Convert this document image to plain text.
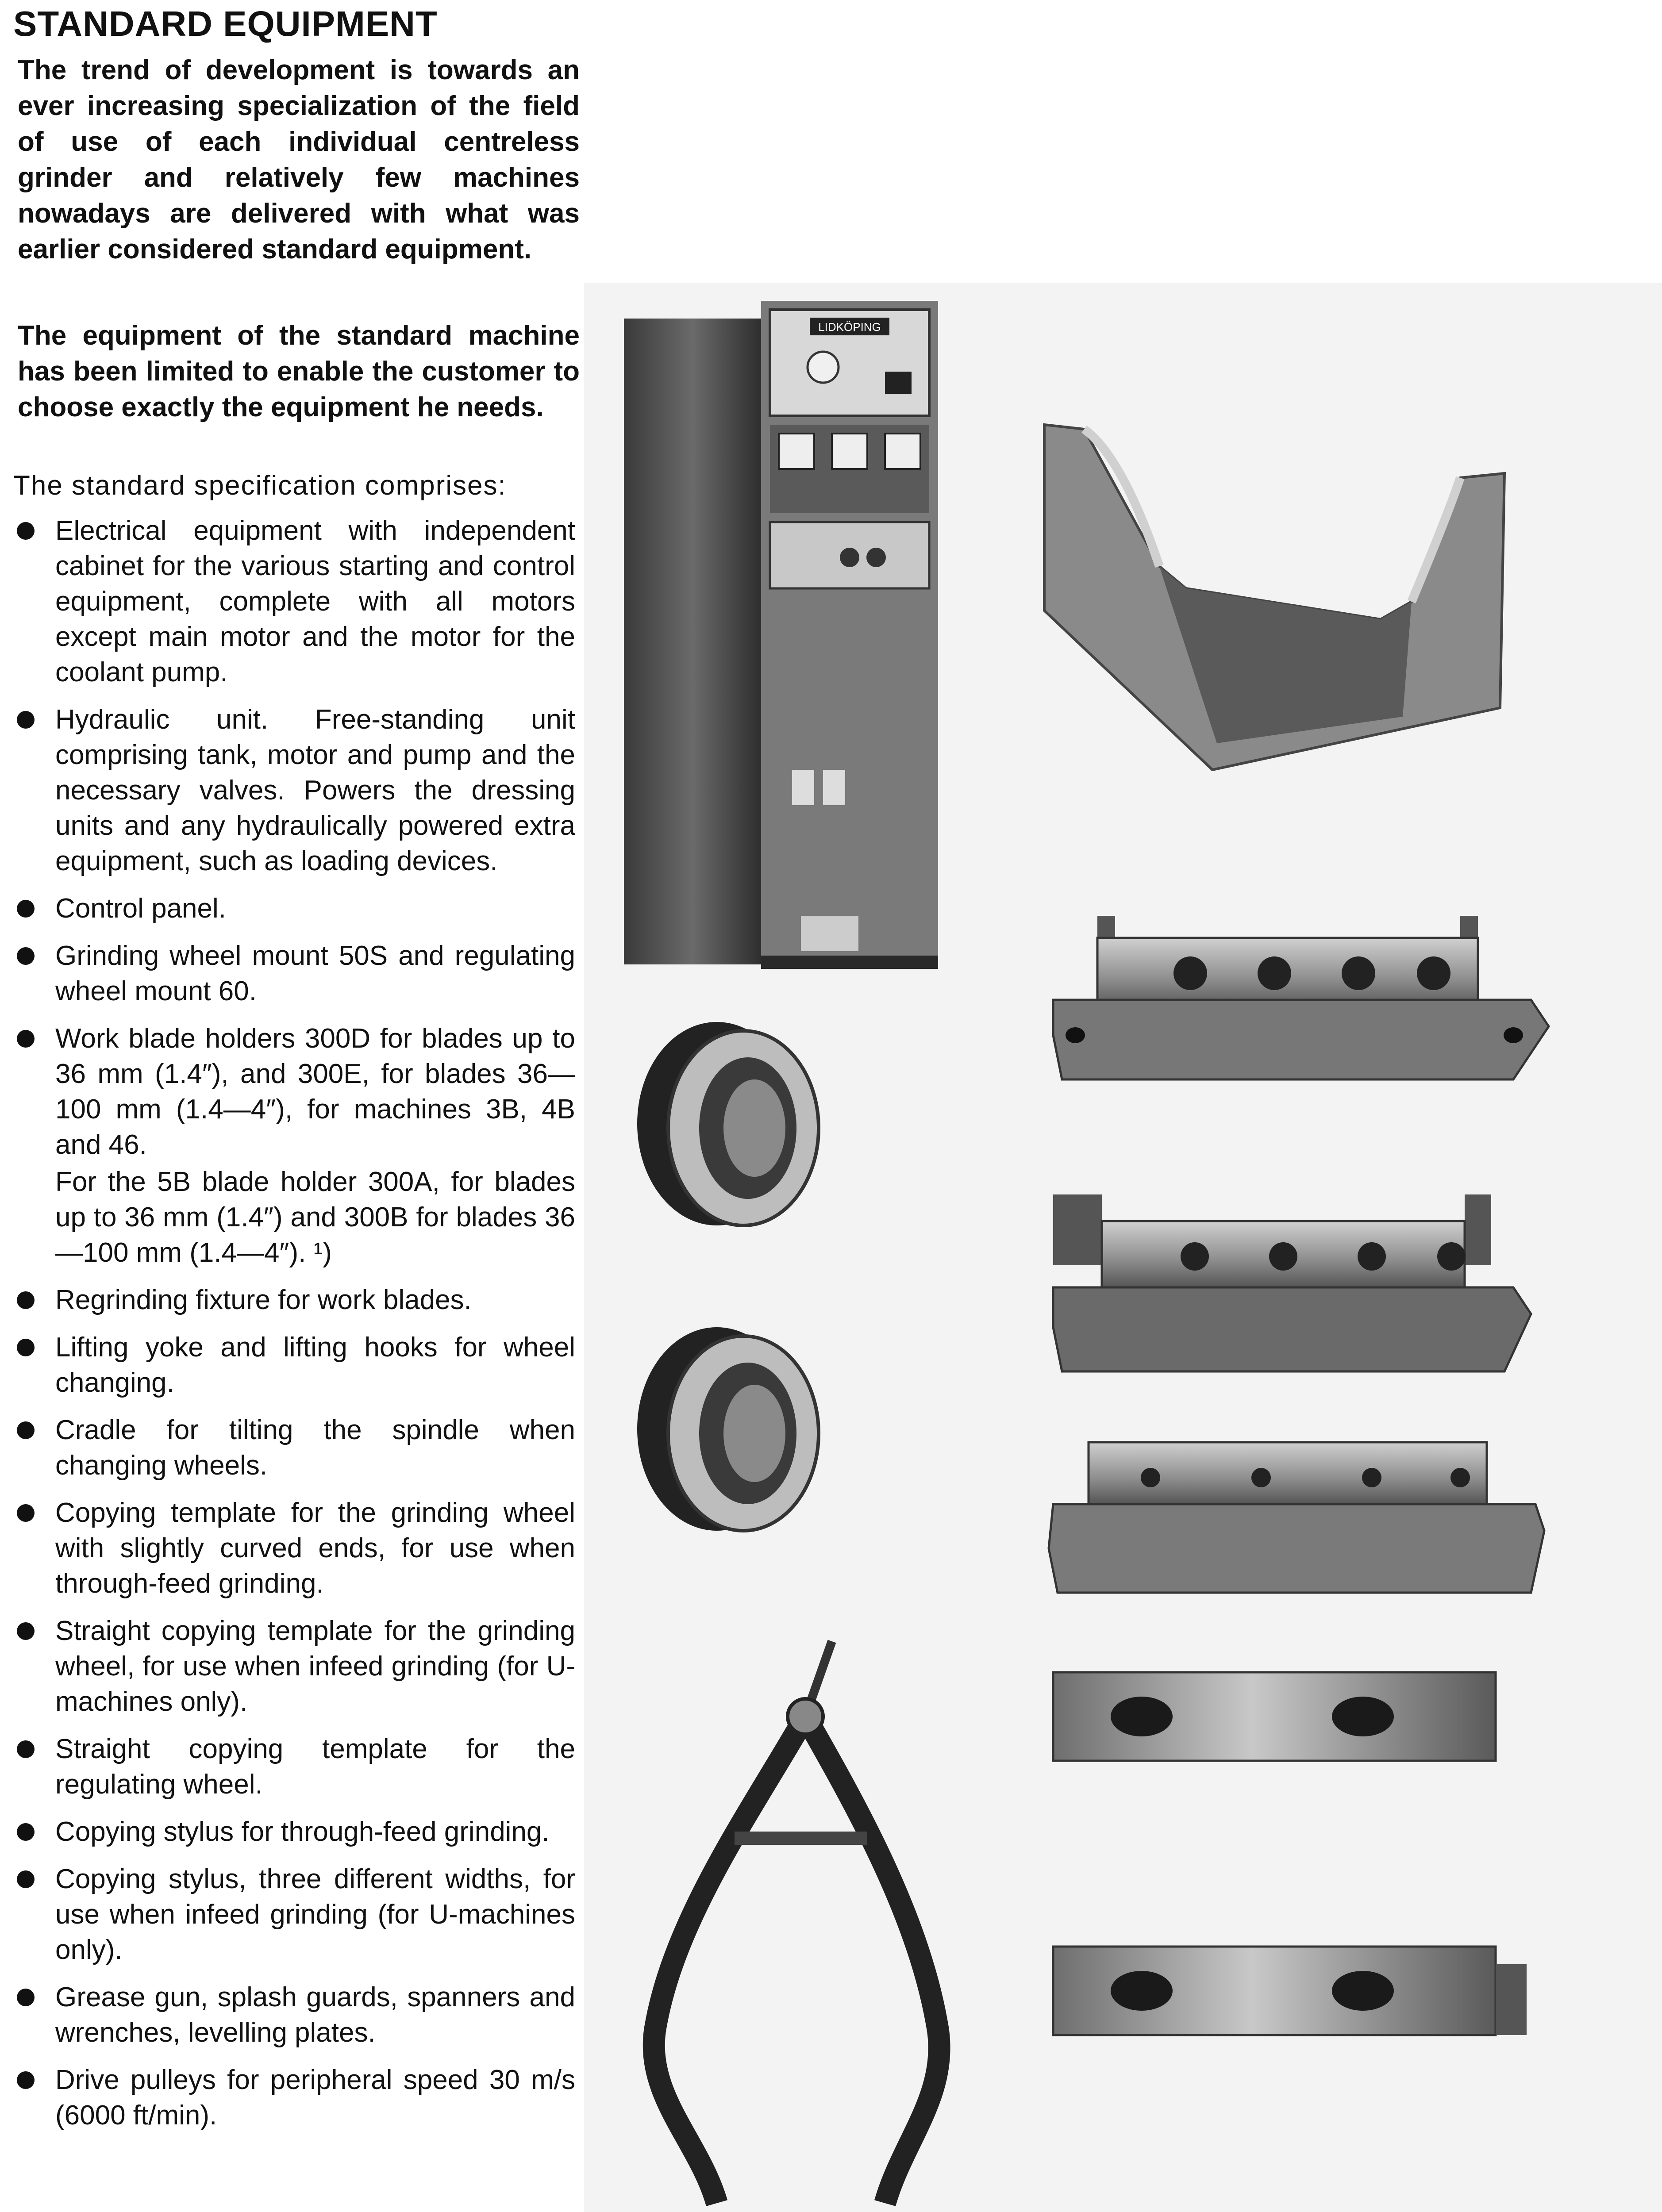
STANDARD EQUIPMENT

The trend of development is towards an ever increasing specialization of the field of use of each individual centreless grinder and relatively few machines nowadays are delivered with what was earlier considered standard equipment.

The equipment of the standard machine has been limited to enable the customer to choose exactly the equipment he needs.

The standard specification comprises:

Electrical equipment with independent cabinet for the various starting and control equipment, complete with all motors except main motor and the motor for the coolant pump.
Hydraulic unit. Free-standing unit comprising tank, motor and pump and the necessary valves. Powers the dressing units and any hydraulically powered extra equipment, such as loading devices.
Control panel.
Grinding wheel mount 50S and regulating wheel mount 60.
Work blade holders 300D for blades up to 36 mm (1.4″), and 300E, for blades 36—100 mm (1.4—4″), for machines 3B, 4B and 46.
For the 5B blade holder 300A, for blades up to 36 mm (1.4″) and 300B for blades 36—100 mm (1.4—4″). ¹)
Regrinding fixture for work blades.
Lifting yoke and lifting hooks for wheel changing.
Cradle for tilting the spindle when changing wheels.
Copying template for the grinding wheel with slightly curved ends, for use when through-feed grinding.
Straight copying template for the grinding wheel, for use when infeed grinding (for U-machines only).
Straight copying template for the regulating wheel.
Copying stylus for through-feed grinding.
Copying stylus, three different widths, for use when infeed grinding (for U-machines only).
Grease gun, splash guards, spanners and wrenches, levelling plates.
Drive pulleys for peripheral speed 30 m/s (6000 ft/min).

LIDKÖPING
